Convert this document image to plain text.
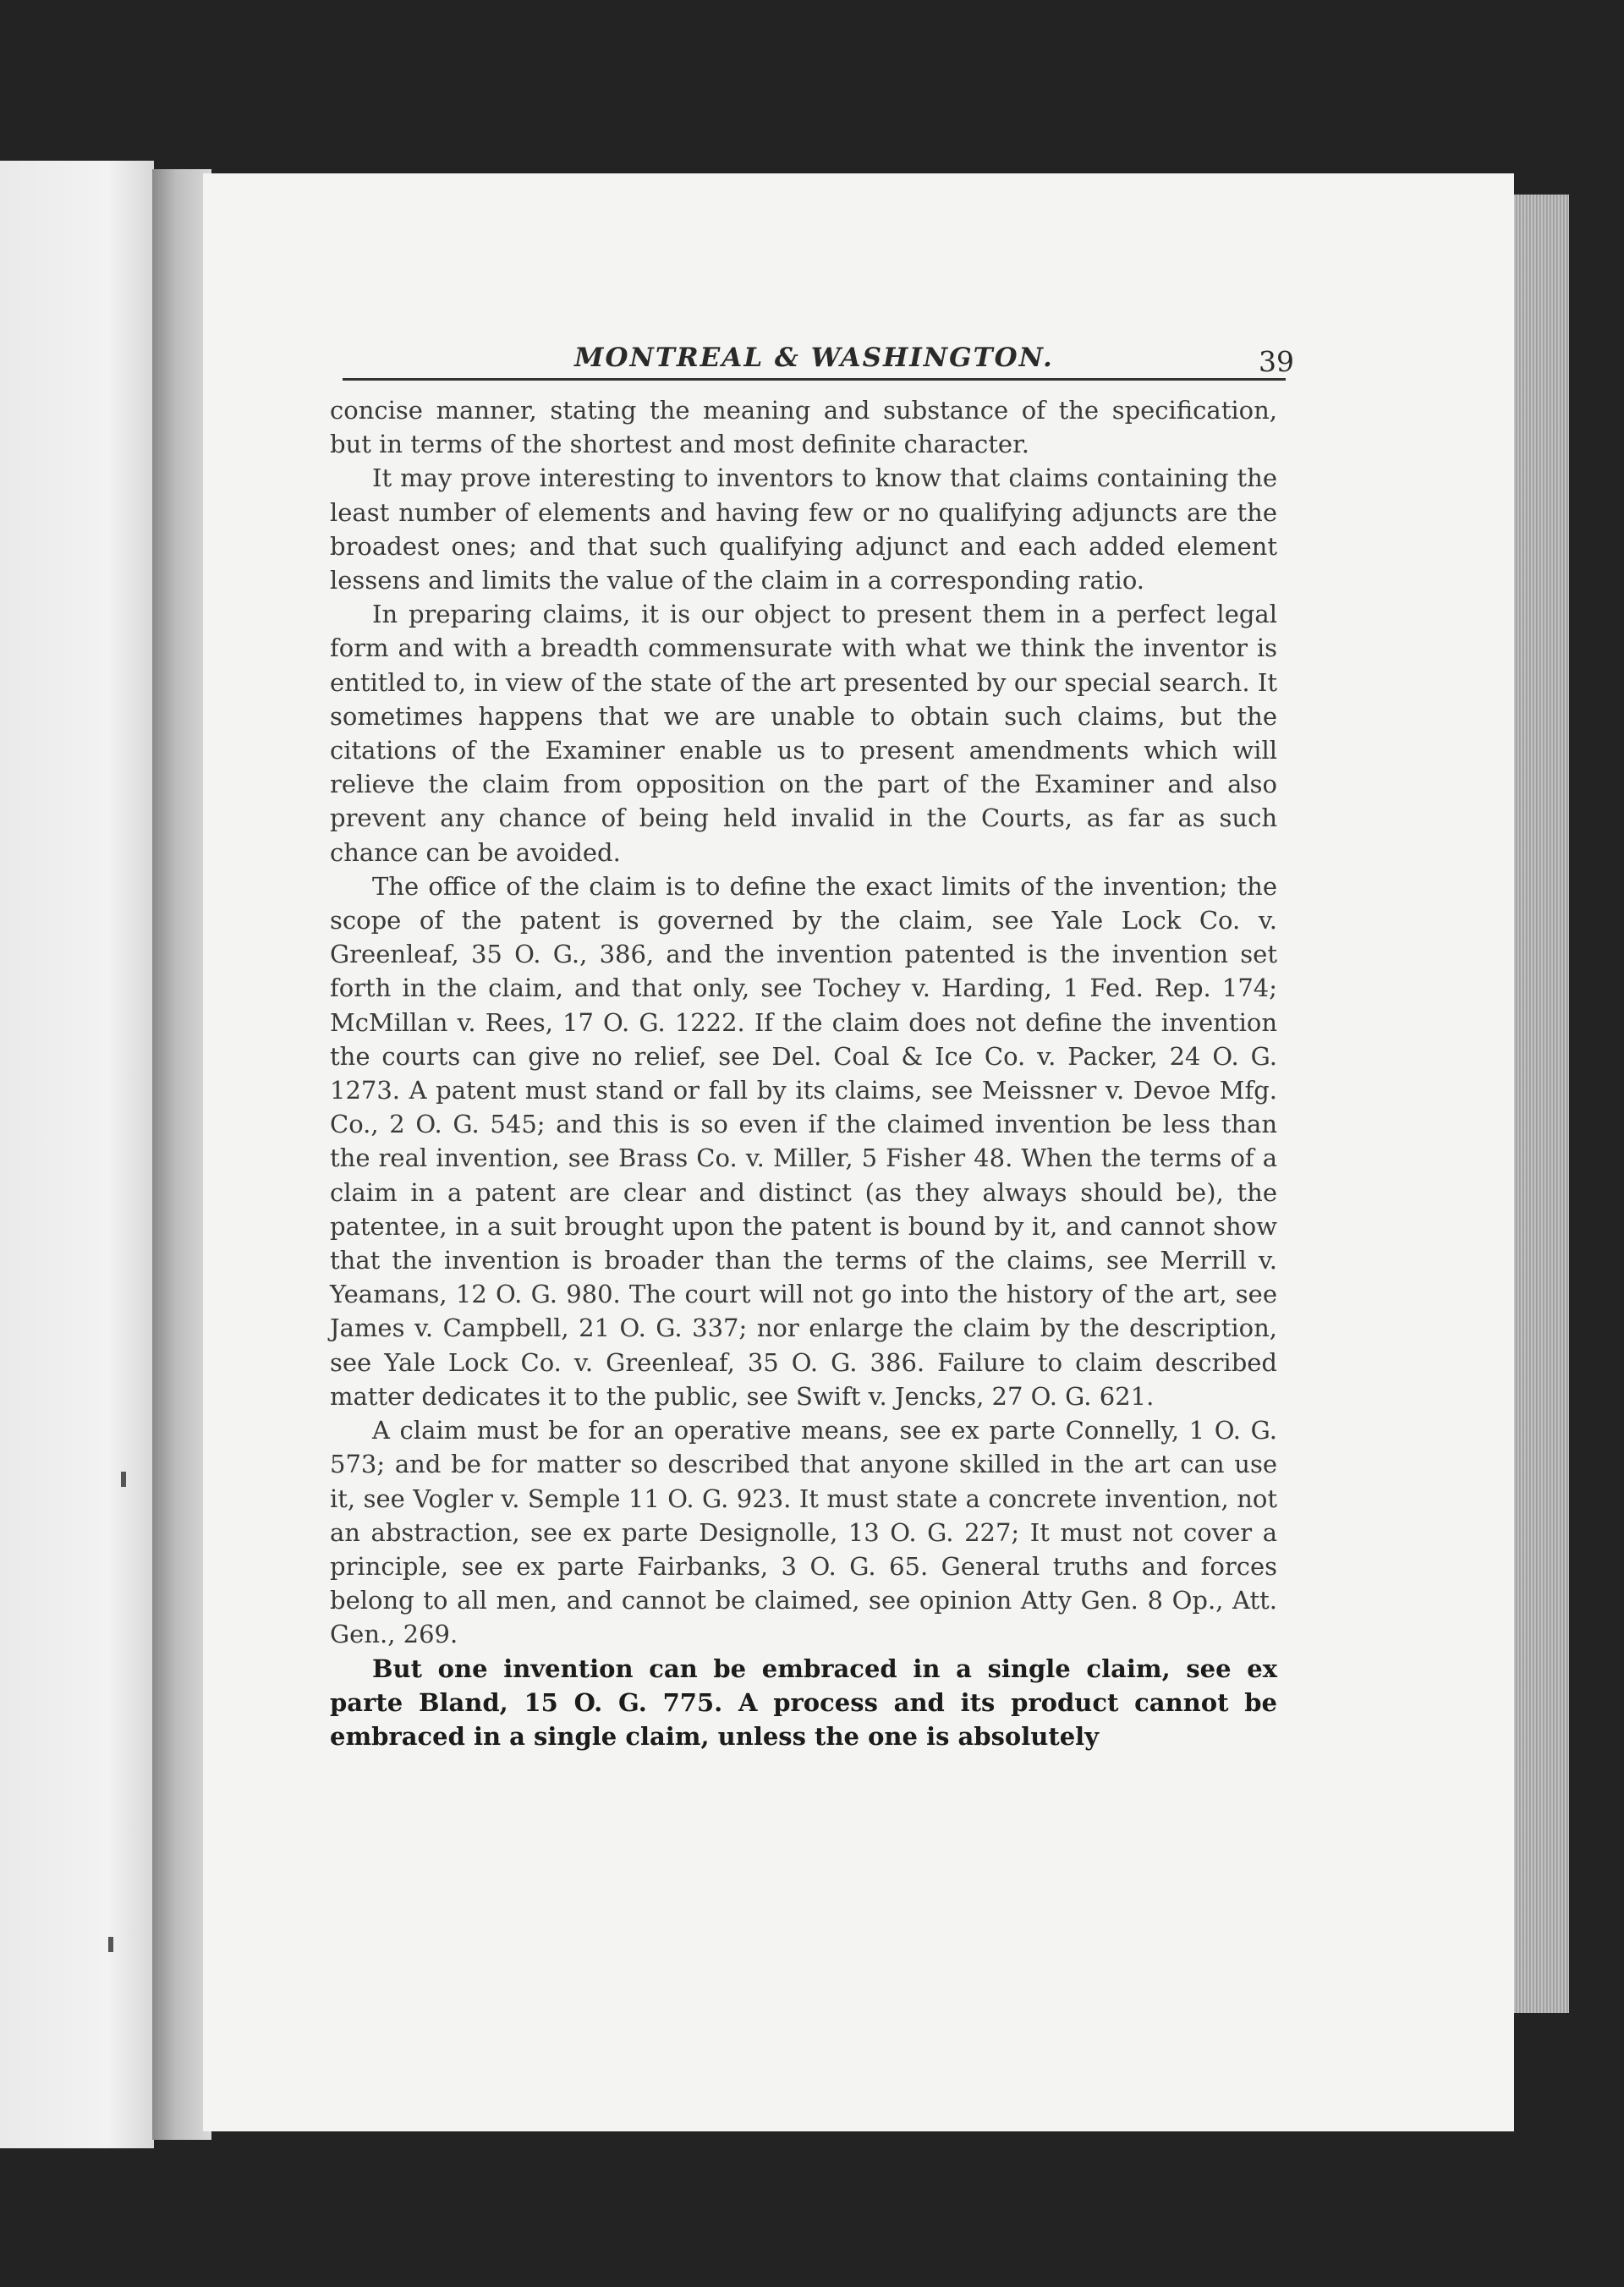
MONTREAL & WASHINGTON.	39

concise manner, stating the meaning and substance of the specification, but in terms of the shortest and most definite character.

It may prove interesting to inventors to know that claims containing the least number of elements and having few or no qualifying adjuncts are the broadest ones; and that such qualifying adjunct and each added element lessens and limits the value of the claim in a corresponding ratio.

In preparing claims, it is our object to present them in a perfect legal form and with a breadth commensurate with what we think the inventor is entitled to, in view of the state of the art presented by our special search. It sometimes happens that we are unable to obtain such claims, but the citations of the Examiner enable us to present amendments which will relieve the claim from opposition on the part of the Examiner and also prevent any chance of being held invalid in the Courts, as far as such chance can be avoided.

The office of the claim is to define the exact limits of the invention; the scope of the patent is governed by the claim, see Yale Lock Co. v. Greenleaf, 35 O. G., 386, and the invention patented is the invention set forth in the claim, and that only, see Tochey v. Harding, 1 Fed. Rep. 174; McMillan v. Rees, 17 O. G. 1222. If the claim does not define the invention the courts can give no relief, see Del. Coal & Ice Co. v. Packer, 24 O. G. 1273. A patent must stand or fall by its claims, see Meissner v. Devoe Mfg. Co., 2 O. G. 545; and this is so even if the claimed invention be less than the real invention, see Brass Co. v. Miller, 5 Fisher 48. When the terms of a claim in a patent are clear and distinct (as they always should be), the patentee, in a suit brought upon the patent is bound by it, and cannot show that the invention is broader than the terms of the claims, see Merrill v. Yeamans, 12 O. G. 980. The court will not go into the history of the art, see James v. Campbell, 21 O. G. 337; nor enlarge the claim by the description, see Yale Lock Co. v. Greenleaf, 35 O. G. 386. Failure to claim described matter dedicates it to the public, see Swift v. Jencks, 27 O. G. 621.

A claim must be for an operative means, see ex parte Connelly, 1 O. G. 573; and be for matter so described that anyone skilled in the art can use it, see Vogler v. Semple 11 O. G. 923. It must state a concrete invention, not an abstraction, see ex parte Designolle, 13 O. G. 227; It must not cover a principle, see ex parte Fairbanks, 3 O. G. 65. General truths and forces belong to all men, and cannot be claimed, see opinion Atty Gen. 8 Op., Att. Gen., 269.

But one invention can be embraced in a single claim, see ex parte Bland, 15 O. G. 775. A process and its product cannot be embraced in a single claim, unless the one is absolutely
